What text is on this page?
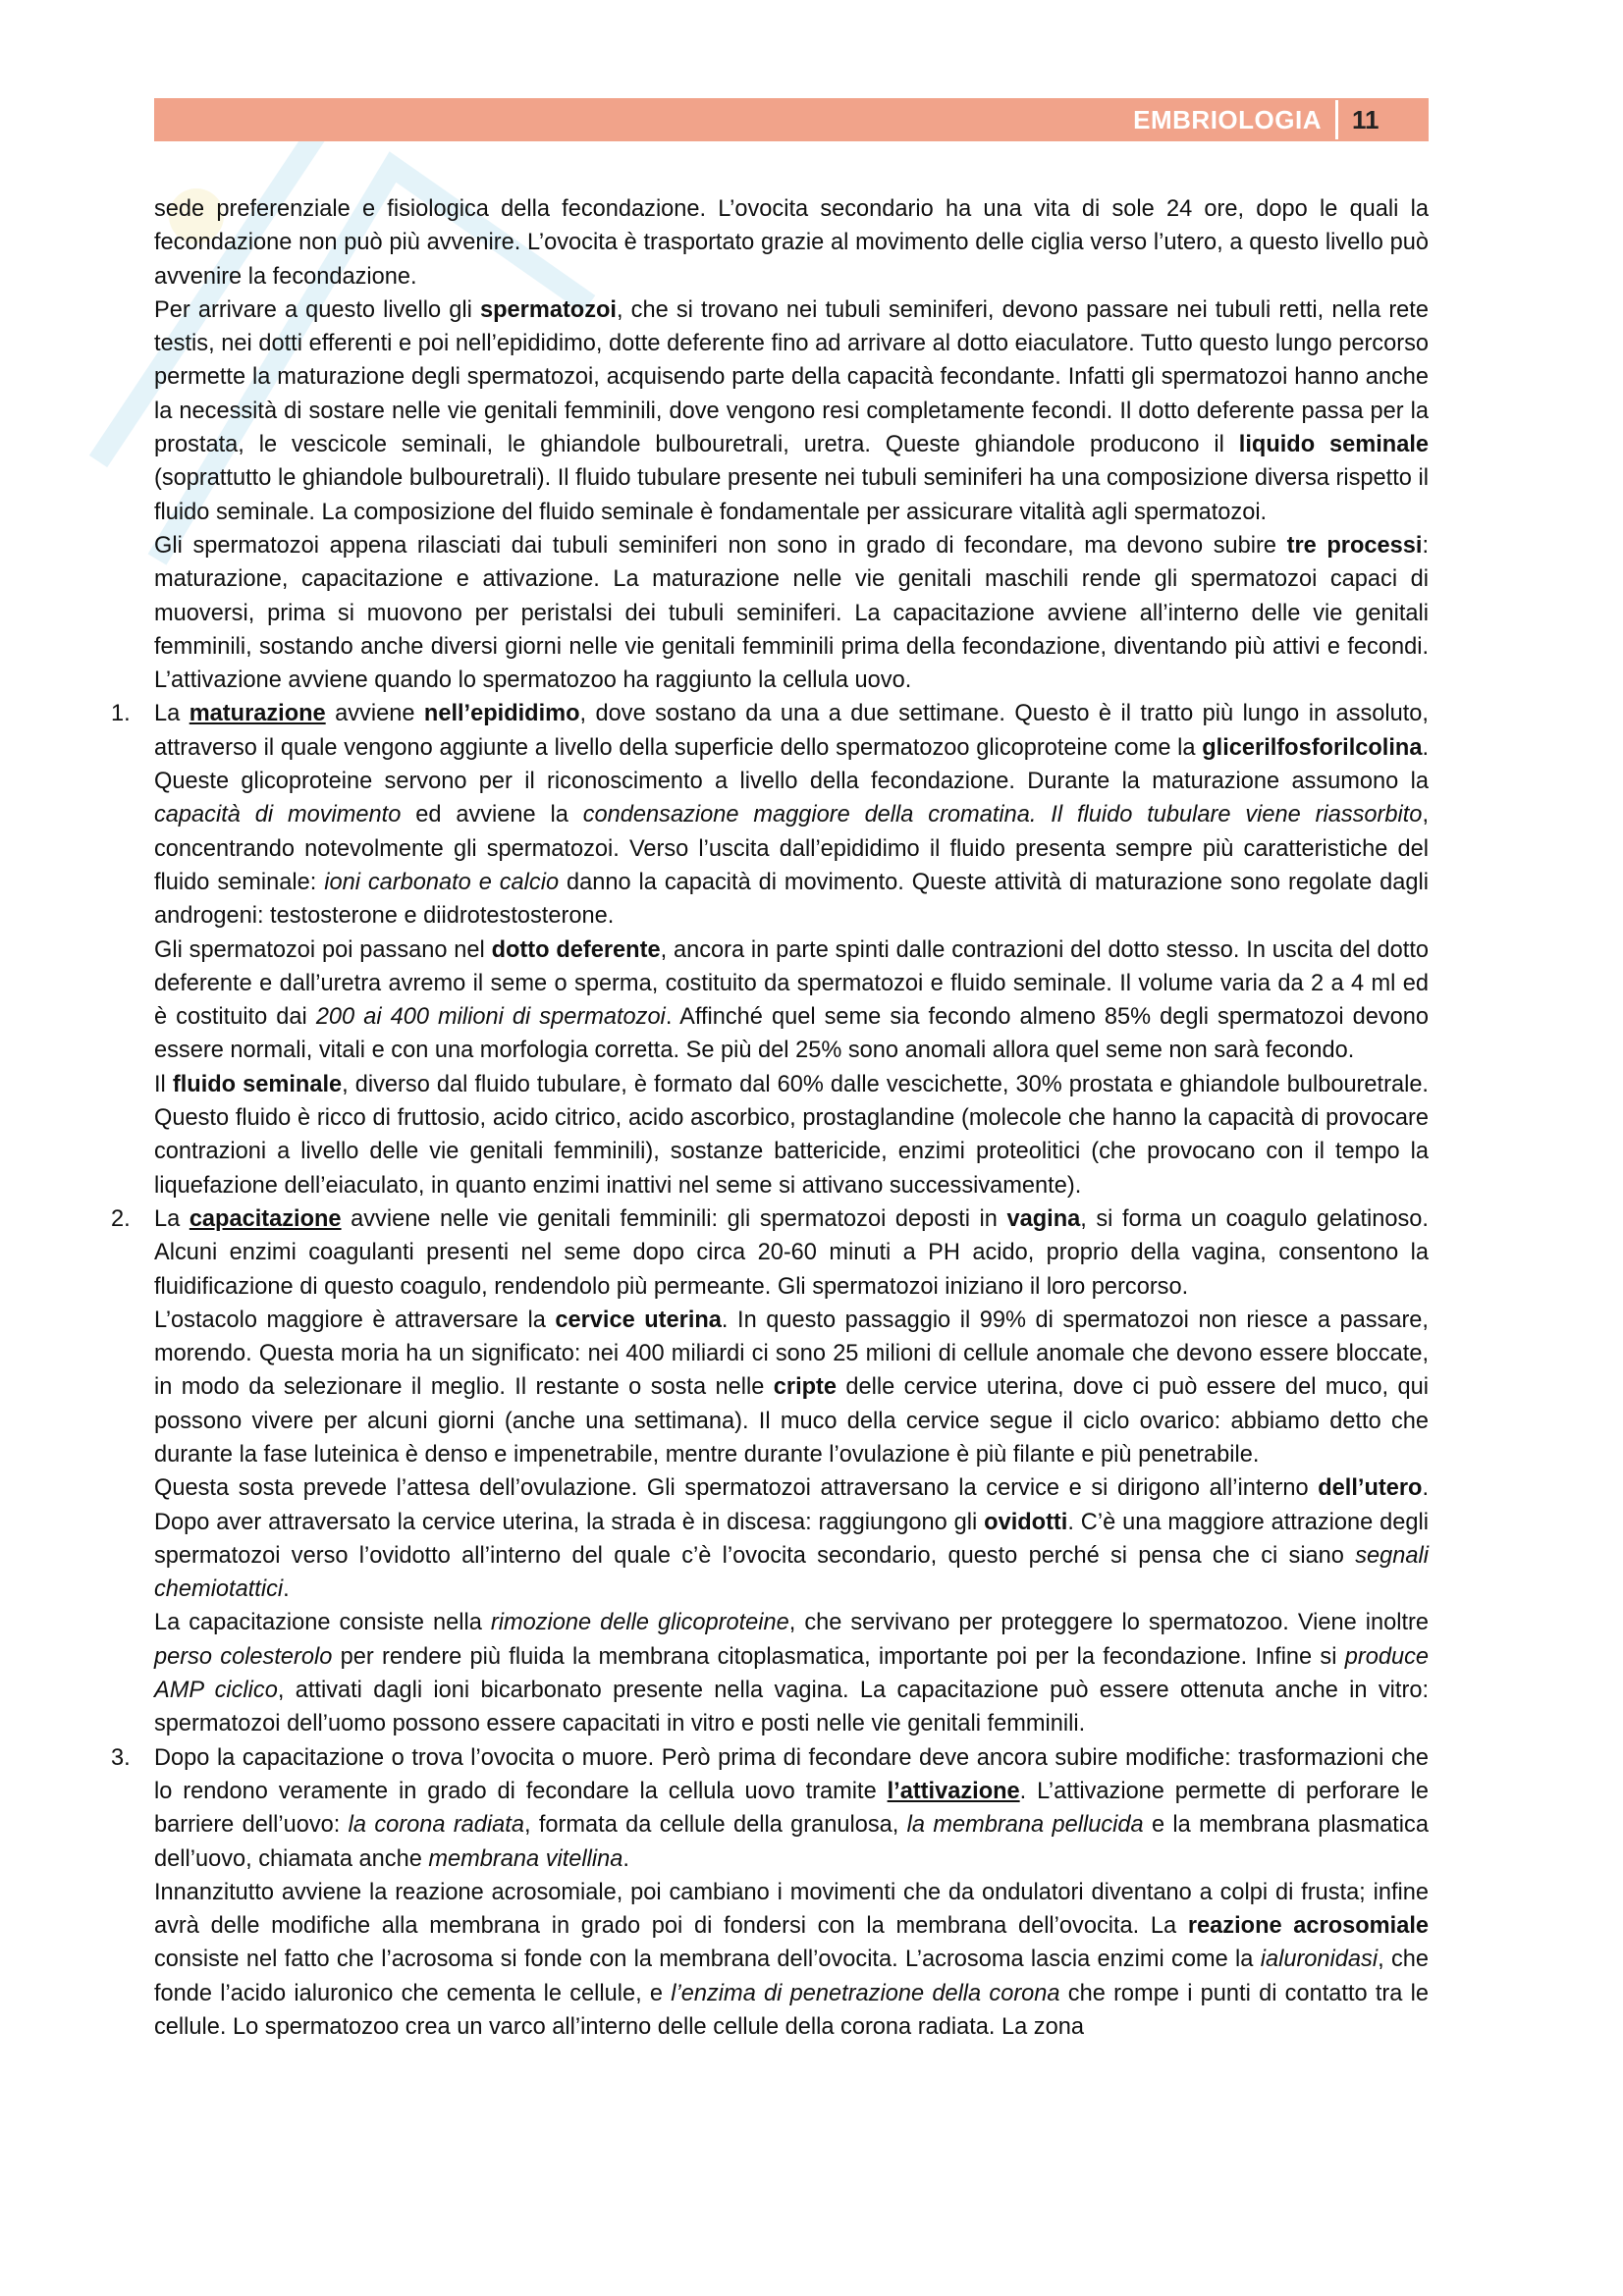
EMBRIOLOGIA	11

sede preferenziale e fisiologica della fecondazione. L’ovocita secondario ha una vita di sole 24 ore, dopo le quali la fecondazione non può più avvenire. L’ovocita è trasportato grazie al movimento delle ciglia verso l’utero, a questo livello può avvenire la fecondazione.

Per arrivare a questo livello gli spermatozoi, che si trovano nei tubuli seminiferi, devono passare nei tubuli retti, nella rete testis, nei dotti efferenti e poi nell’epididimo, dotte deferente fino ad arrivare al dotto eiaculatore. Tutto questo lungo percorso permette la maturazione degli spermatozoi, acquisendo parte della capacità fecondante. Infatti gli spermatozoi hanno anche la necessità di sostare nelle vie genitali femminili, dove vengono resi completamente fecondi. Il dotto deferente passa per la prostata, le vescicole seminali, le ghiandole bulbouretrali, uretra. Queste ghiandole producono il liquido seminale (soprattutto le ghiandole bulbouretrali). Il fluido tubulare presente nei tubuli seminiferi ha una composizione diversa rispetto il fluido seminale. La composizione del fluido seminale è fondamentale per assicurare vitalità agli spermatozoi.

Gli spermatozoi appena rilasciati dai tubuli seminiferi non sono in grado di fecondare, ma devono subire tre processi: maturazione, capacitazione e attivazione. La maturazione nelle vie genitali maschili rende gli spermatozoi capaci di muoversi, prima si muovono per peristalsi dei tubuli seminiferi. La capacitazione avviene all’interno delle vie genitali femminili, sostando anche diversi giorni nelle vie genitali femminili prima della fecondazione, diventando più attivi e fecondi. L’attivazione avviene quando lo spermatozoo ha raggiunto la cellula uovo.

1. La maturazione avviene nell’epididimo, dove sostano da una a due settimane. Questo è il tratto più lungo in assoluto, attraverso il quale vengono aggiunte a livello della superficie dello spermatozoo glicoproteine come la glicerilfosforilcolina. Queste glicoproteine servono per il riconoscimento a livello della fecondazione. Durante la maturazione assumono la capacità di movimento ed avviene la condensazione maggiore della cromatina. Il fluido tubulare viene riassorbito, concentrando notevolmente gli spermatozoi. Verso l’uscita dall’epididimo il fluido presenta sempre più caratteristiche del fluido seminale: ioni carbonato e calcio danno la capacità di movimento. Queste attività di maturazione sono regolate dagli androgeni: testosterone e diidrotestosterone.

Gli spermatozoi poi passano nel dotto deferente, ancora in parte spinti dalle contrazioni del dotto stesso. In uscita del dotto deferente e dall’uretra avremo il seme o sperma, costituito da spermatozoi e fluido seminale. Il volume varia da 2 a 4 ml ed è costituito dai 200 ai 400 milioni di spermatozoi. Affinché quel seme sia fecondo almeno 85% degli spermatozoi devono essere normali, vitali e con una morfologia corretta. Se più del 25% sono anomali allora quel seme non sarà fecondo.

Il fluido seminale, diverso dal fluido tubulare, è formato dal 60% dalle vescichette, 30% prostata e ghiandole bulbouretrale. Questo fluido è ricco di fruttosio, acido citrico, acido ascorbico, prostaglandine (molecole che hanno la capacità di provocare contrazioni a livello delle vie genitali femminili), sostanze battericide, enzimi proteolitici (che provocano con il tempo la liquefazione dell’eiaculato, in quanto enzimi inattivi nel seme si attivano successivamente).

2. La capacitazione avviene nelle vie genitali femminili: gli spermatozoi deposti in vagina, si forma un coagulo gelatinoso. Alcuni enzimi coagulanti presenti nel seme dopo circa 20-60 minuti a PH acido, proprio della vagina, consentono la fluidificazione di questo coagulo, rendendolo più permeante. Gli spermatozoi iniziano il loro percorso.

L’ostacolo maggiore è attraversare la cervice uterina. In questo passaggio il 99% di spermatozoi non riesce a passare, morendo. Questa moria ha un significato: nei 400 miliardi ci sono 25 milioni di cellule anomale che devono essere bloccate, in modo da selezionare il meglio. Il restante o sosta nelle cripte delle cervice uterina, dove ci può essere del muco, qui possono vivere per alcuni giorni (anche una settimana). Il muco della cervice segue il ciclo ovarico: abbiamo detto che durante la fase luteinica è denso e impenetrabile, mentre durante l’ovulazione è più filante e più penetrabile.

Questa sosta prevede l’attesa dell’ovulazione. Gli spermatozoi attraversano la cervice e si dirigono all’interno dell’utero. Dopo aver attraversato la cervice uterina, la strada è in discesa: raggiungono gli ovidotti. C’è una maggiore attrazione degli spermatozoi verso l’ovidotto all’interno del quale c’è l’ovocita secondario, questo perché si pensa che ci siano segnali chemiotattici.

La capacitazione consiste nella rimozione delle glicoproteine, che servivano per proteggere lo spermatozoo. Viene inoltre perso colesterolo per rendere più fluida la membrana citoplasmatica, importante poi per la fecondazione. Infine si produce AMP ciclico, attivati dagli ioni bicarbonato presente nella vagina. La capacitazione può essere ottenuta anche in vitro: spermatozoi dell’uomo possono essere capacitati in vitro e posti nelle vie genitali femminili.

3. Dopo la capacitazione o trova l’ovocita o muore. Però prima di fecondare deve ancora subire modifiche: trasformazioni che lo rendono veramente in grado di fecondare la cellula uovo tramite l’attivazione. L’attivazione permette di perforare le barriere dell’uovo: la corona radiata, formata da cellule della granulosa, la membrana pellucida e la membrana plasmatica dell’uovo, chiamata anche membrana vitellina.

Innanzitutto avviene la reazione acrosomiale, poi cambiano i movimenti che da ondulatori diventano a colpi di frusta; infine avrà delle modifiche alla membrana in grado poi di fondersi con la membrana dell’ovocita. La reazione acrosomiale consiste nel fatto che l’acrosoma si fonde con la membrana dell’ovocita. L’acrosoma lascia enzimi come la ialuronidasi, che fonde l’acido ialuronico che cementa le cellule, e l’enzima di penetrazione della corona che rompe i punti di contatto tra le cellule. Lo spermatozoo crea un varco all’interno delle cellule della corona radiata. La zona
